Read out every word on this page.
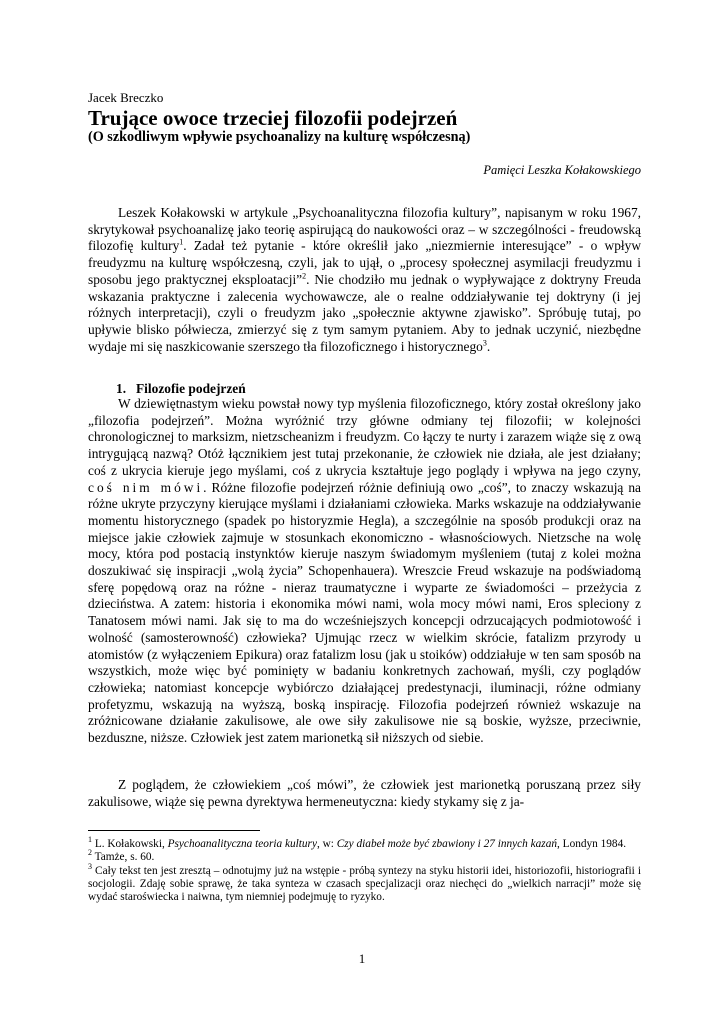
Jacek Breczko
Trujące owoce trzeciej filozofii podejrzeń
(O szkodliwym wpływie psychoanalizy na kulturę współczesną)
Pamięci Leszka Kołakowskiego

Leszek Kołakowski w artykule „Psychoanalityczna filozofia kultury”, napisanym w roku 1967, skrytykował psychoanalizę jako teorię aspirującą do naukowości oraz – w szczególności - freudowską filozofię kultury$^1$. Zadał też pytanie - które określił jako „niezmiernie interesujące” - o wpływ freudyzmu na kulturę współczesną, czyli, jak to ujął, o „procesy społecznej asymilacji freudyzmu i sposobu jego praktycznej eksploatacji”$^2$. Nie chodziło mu jednak o wypływające z doktryny Freuda wskazania praktyczne i zalecenia wychowawcze, ale o realne oddziaływanie tej doktryny (i jej różnych interpretacji), czyli o freudyzm jako „społecznie aktywne zjawisko”. Spróbuję tutaj, po upływie blisko półwiecza, zmierzyć się z tym samym pytaniem. Aby to jednak uczynić, niezbędne wydaje mi się naszkicowanie szerszego tła filozoficznego i historycznego$^3$.

1. Filozofie podejrzeń

W dziewiętnastym wieku powstał nowy typ myślenia filozoficznego, który został określony jako „filozofia podejrzeń”. Można wyróżnić trzy główne odmiany tej filozofii; w kolejności chronologicznej to marksizm, nietzscheanizm i freudyzm. Co łączy te nurty i zarazem wiąże się z ową intrygującą nazwą? Otóż łącznikiem jest tutaj przekonanie, że człowiek nie działa, ale jest działany; coś z ukrycia kieruje jego myślami, coś z ukrycia kształtuje jego poglądy i wpływa na jego czyny, coś nim mówi. Różne filozofie podejrzeń różnie definiują owo „coś”, to znaczy wskazują na różne ukryte przyczyny kierujące myślami i działaniami człowieka. Marks wskazuje na oddziaływanie momentu historycznego (spadek po historyzmie Hegla), a szczególnie na sposób produkcji oraz na miejsce jakie człowiek zajmuje w stosunkach ekonomiczno - własnościowych. Nietzsche na wolę mocy, która pod postacią instynktów kieruje naszym świadomym myśleniem (tutaj z kolei można doszukiwać się inspiracji „wolą życia” Schopenhauera). Wreszcie Freud wskazuje na podświadomą sferę popędową oraz na różne - nieraz traumatyczne i wyparte ze świadomości – przeżycia z dzieciństwa. A zatem: historia i ekonomika mówi nami, wola mocy mówi nami, Eros spleciony z Tanatosem mówi nami. Jak się to ma do wcześniejszych koncepcji odrzucających podmiotowość i wolność (samosterowność) człowieka? Ujmując rzecz w wielkim skrócie, fatalizm przyrody u atomistów (z wyłączeniem Epikura) oraz fatalizm losu (jak u stoików) oddziałuje w ten sam sposób na wszystkich, może więc być pominięty w badaniu konkretnych zachowań, myśli, czy poglądów człowieka; natomiast koncepcje wybiórczo działającej predestynacji, iluminacji, różne odmiany profetyzmu, wskazują na wyższą, boską inspirację. Filozofia podejrzeń również wskazuje na zróżnicowane działanie zakulisowe, ale owe siły zakulisowe nie są boskie, wyższe, przeciwnie, bezduszne, niższe. Człowiek jest zatem marionetką sił niższych od siebie.

Z poglądem, że człowiekiem „coś mówi”, że człowiek jest marionetką poruszaną przez siły zakulisowe, wiąże się pewna dyrektywa hermeneutyczna: kiedy stykamy się z ja-

$^1$ L. Kołakowski, Psychoanalityczna teoria kultury, w: Czy diabeł może być zbawiony i 27 innych kazań, Londyn 1984.
$^2$ Tamże, s. 60.
$^3$ Cały tekst ten jest zresztą – odnotujmy już na wstępie - próbą syntezy na styku historii idei, historiozofii, historiografii i socjologii. Zdaję sobie sprawę, że taka synteza w czasach specjalizacji oraz niechęci do „wielkich narracji” może się wydać staroświecka i naiwna, tym niemniej podejmuję to ryzyko.
1
